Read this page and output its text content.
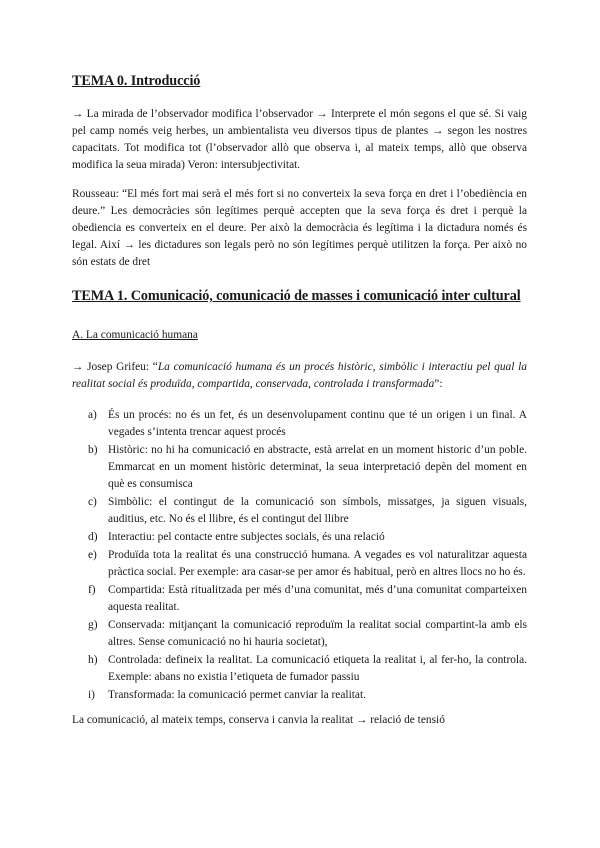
TEMA 0. Introducció

→ La mirada de l’observador modifica l’observador → Interprete el món segons el que sé. Si vaig pel camp només veig herbes, un ambientalista veu diversos tipus de plantes → segon les nostres capacitats. Tot modifica tot (l’observador allò que observa i, al mateix temps, allò que observa modifica la seua mirada) Veron: intersubjectivitat.

Rousseau: “El més fort mai serà el més fort si no converteix la seva força en dret i l’obediència en deure.” Les democràcies són legítimes perquè accepten que la seva força és dret i perquè la obediencia es converteix en el deure. Per això la democràcia és legítima i la dictadura només és legal. Així → les dictadures son legals però no són legítimes perquè utilitzen la força. Per això no són estats de dret

TEMA 1. Comunicació, comunicació de masses i comunicació inter cultural
A. La comunicació humana

→ Josep Grifeu: “La comunicació humana és un procés històric, simbòlic i interactiu pel qual la realitat social és produïda, compartida, conservada, controlada i transformada”:

a) És un procés: no és un fet, és un desenvolupament continu que té un origen i un final. A vegades s’intenta trencar aquest procés
b) Històric: no hi ha comunicació en abstracte, està arrelat en un moment historic d’un poble. Emmarcat en un moment històric determinat, la seua interpretació depèn del moment en què es consumisca
c) Simbòlic: el contingut de la comunicació son símbols, missatges, ja siguen visuals, auditius, etc. No és el llibre, és el contingut del llibre
d) Interactiu: pel contacte entre subjectes socials, és una relació
e) Produïda tota la realitat és una construcció humana. A vegades es vol naturalitzar aquesta pràctica social. Per exemple: ara casar-se per amor és habitual, però en altres llocs no ho és.
f) Compartida: Està ritualitzada per més d’una comunitat, més d’una comunitat comparteixen aquesta realitat.
g) Conservada: mitjançant la comunicació reproduïm la realitat social compartint-la amb els altres. Sense comunicació no hi hauria societat),
h) Controlada: defineix la realitat. La comunicació etiqueta la realitat i, al fer-ho, la controla. Exemple: abans no existia l’etiqueta de fumador passiu
i) Transformada: la comunicació permet canviar la realitat.

La comunicació, al mateix temps, conserva i canvia la realitat → relació de tensió
